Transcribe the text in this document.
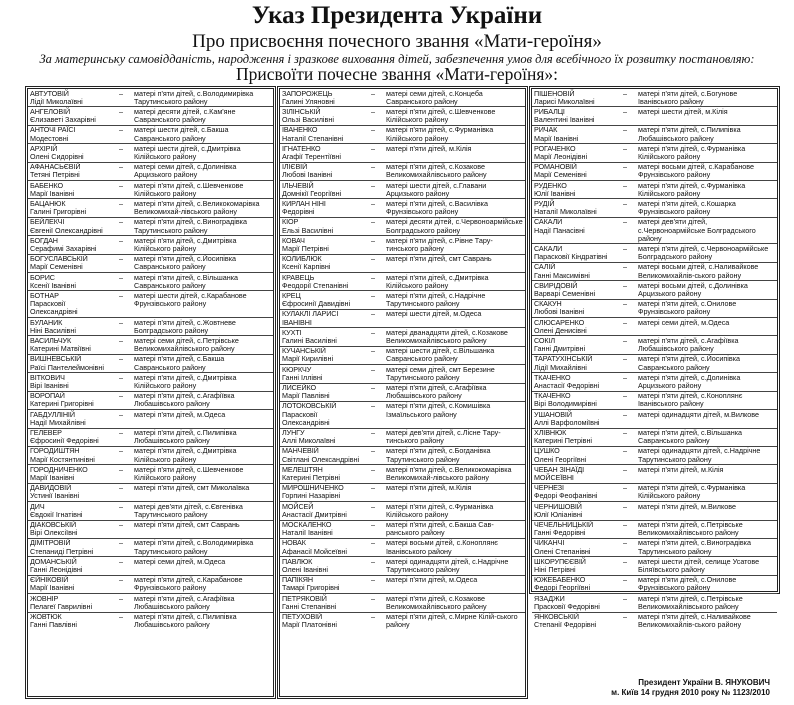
Указ Президента України
Про присвоєння почесного звання «Мати-героїня»
За материнську самовідданість, народження і зразкове виховання дітей, забезпечення умов для всебічного їх розвитку постановляю:
Присвоїти почесне звання «Мати-героїня»:
АВТУТОВІЙ
Лідії Миколаївні
–	матері п'яти дітей, с.Володимирівка Тарутинського району
АНГЕЛОВІЙ
Єлизаветі Захарівні
–	матері десяти дітей, с.Кам'яне Савранського району
АНТОЧІ РАЇСІ
Модестовні
–	матері шести дітей, с.Бакша Савранського району
АРХІРІЙ
Олені Сидорівні
–	матері шести дітей, с.Дмитрівка Кілійського району
АФАНАСЬЄВІЙ
Тетяні Петрівні
–	матері семи дітей, с.Долинівка Арцизького району
БАБЕНКО
Марії Іванівні
–	матері п'яти дітей, с.Шевченкове Кілійського району
БАЦАНЮК
Галині Григорівні
–	матері п'яти дітей, с.Великокомарівка Великомихай-лівського району
БЕЙЛЕКЧІ
Євгенії Олександрівні
–	матері п'яти дітей, с.Виноградівка Тарутинського району
БОГДАН
Серафимі Захарівні
–	матері п'яти дітей, с.Дмитрівка Кілійського району
БОГУСЛАВСЬКІЙ
Марії Семенівні
–	матері п'яти дітей, с.Йосипівка Савранського району
БОРИС
Ксенії Іванівні
–	матері п'яти дітей, с.Вільшанка Савранського району
БОТНАР
Парасковії Олександрівні
–	матері шести дітей, с.Карабанове Фрунзівського району
БУЛАНИК
Ніні Василівні
–	матері п'яти дітей, с.Жовтневе Болградського району
ВАСИЛЬЧУК
Катерині Матвіївні
–	матері семи дітей, с.Петрівське Великомихайлівського району
ВИШНЕВСЬКІЙ
Раїсі Пантелеймонівні
–	матері п'яти дітей, с.Бакша Савранського району
ВІТКОВИЧ
Вірі Іванівні
–	матері п'яти дітей, с.Дмитрівка Кілійського району
ВОРОПАЙ
Катерині Григорівні
–	матері п'яти дітей, с.Агафіївка Любашівського району
ГАБДУЛЛІНІЙ
Надії Михайлівні
–	матері п'яти дітей, м.Одеса
ГЕЛЕВЕР
Єфросинії Федорівні
–	матері п'яти дітей, с.Пилипівка Любашівського району
ГОРОДИШТЯН
Марії Костянтинівні
–	матері п'яти дітей, с.Дмитрівка Кілійського району
ГОРОДНИЧЕНКО
Марії Іванівні
–	матері п'яти дітей, с.Шевченкове Кілійського району
ДАВИДОВІЙ
Устинії Іванівні
–	матері п'яти дітей, смт Миколаївка
ДИЧ
Євдокії Ігнатівні
–	матері дев'яти дітей, с.Євгенівка Тарутинського району
ДІАКОВСЬКІЙ
Вірі Олексіївні
–	матері п'яти дітей, смт Саврань
ДІМІТРОВІЙ
Степаниді Петрівні
–	матері п'яти дітей, с.Володимирівка Тарутинського району
ДОМАНСЬКІЙ
Ганні Леонідівні
–	матері семи дітей, м.Одеса
ЄЙНІКОВІЙ
Марії Іванівні
–	матері п'яти дітей, с.Карабанове Фрунзівського району
ЖОВНІР
Пелагеї Гаврилівні
–	матері п'яти дітей, с.Агафіївка Любашівського району
ЖОВТЮК
Ганні Павлівні
–	матері п'яти дітей, с.Пилипівка Любашівського району
ЗАПОРОЖЕЦЬ
Галині Уляновні
–	матері семи дітей, с.Концеба Савранського району
ЗІЛІНСЬКІЙ
Ользі Василівні
–	матері п'яти дітей, с.Шевченкове Кілійського району
ІВАНЕНКО
Наталії Степанівні
–	матері п'яти дітей, с.Фурманівка Кілійського району
ІГНАТЕНКО
Агафії Терентіївні
–	матері п'яти дітей, м.Кілія
ІЛІЄВІЙ
Любові Іванівні
–	матері п'яти дітей, с.Козакове Великомихайлівського району
ІЛЬЧЕВІЙ
Домнікії Георгіївні
–	матері шести дітей, с.Главани Арцизького району
КИРЛАН НІНІ
Федорівні
–	матері п'яти дітей, с.Василівка Фрунзівського району
КІОР
Ельзі Василівні
–	матері десяти дітей, с.Червоноармійське Болградського району
КОВАЧ
Марії Петрівні
–	матері п'яти дітей, с.Рівне Тару-тинського району
КОЛИБЛЮК
Ксенії Карпівні
–	матері п'яти дітей, смт Саврань
КРАВЕЦЬ
Феодорії Степанівні
–	матері п'яти дітей, с.Дмитрівка Кілійського району
КРЕЦ
Єфросинії Давидівні
–	матері п'яти дітей, с.Надрічне Тарутинського району
КУЛАКЛІ ЛАРИСІ ІВАНІВНІ
–	матері шести дітей, м.Одеса
КУХТІ
Галині Василівні
–	матері дванадцяти дітей, с.Козакове Великомихайлівського району
КУЧАНСЬКІЙ
Марії Кирилівні
–	матері шести дітей, с.Вільшанка Савранського району
КЮРКЧУ
Ганні Іллівні
–	матері семи дітей, смт Березине Тарутинського району
ЛИСЕЙКО
Марії Павлівні
–	матері п'яти дітей, с.Агафіївка Любашівського району
ЛОТОКОВСЬКІЙ
Парасковії Олександрівні
–	матері п'яти дітей, с.Комишівка Ізмаїльського району
ЛУНГУ
Аллі Миколаївні
–	матері дев'яти дітей, с.Лісне Тару-тинського району
МАНЧЕВІЙ
Світлані Олександрівні
–	матері п'яти дітей, с.Богданівка Тарутинського району
МЕЛЕШТЯН
Катерині Петрівні
–	матері п'яти дітей, с.Великокомарівка Великомихай-лівського району
МИРОШНИЧЕНКО
Горпині Назарівні
–	матері п'яти дітей, м.Кілія
МОЙСЕЙ
Анастасії Дмитрівні
–	матері п'яти дітей, с.Фурманівка Кілійського району
МОСКАЛЕНКО
Наталії Іванівні
–	матері п'яти дітей, с.Бакша Сав-ранського району
НОВАК
Афанасії Мойсеївні
–	матері восьми дітей, с.Коноплянє Іванівського району
ПАВЛЮК
Олені Іванівні
–	матері одинадцяти дітей, с.Надрічне Тарутинського району
ПАПІКЯН
Тамарі Григорівні
–	матері п'яти дітей, м.Одеса
ПЕТРЯКОВІЙ
Ганні Степанівні
–	матері п'яти дітей, с.Козакове Великомихайлівського району
ПЕТУХОВІЙ
Марії Платонівні
–	матері п'яти дітей, с.Мирне Кілій-ського району
ПІШЕНОВІЙ
Ларисі Миколаївні
–	матері п'яти дітей, с.Богунове Іванівського району
РИБАЛЦІ
Валентині Іванівні
–	матері шести дітей, м.Кілія
РИЧАК
Марії Іванівні
–	матері п'яти дітей, с.Пилипівка Любашівського району
РОГАЧЕНКО
Марії Леонідівні
–	матері п'яти дітей, с.Фурманівка Кілійського району
РОМАНОВІЙ
Марії Семенівні
–	матері восьми дітей, с.Карабанове Фрунзівського району
РУДЕНКО
Юлії Іванівні
–	матері п'яти дітей, с.Фурманівка Кілійського району
РУДІЙ
Наталії Миколаївні
–	матері п'яти дітей, с.Кошарка Фрунзівського району
САКАЛИ
Надії Панасівні
–	матері дев'яти дітей, с.Червоноармійське Болградського району
САКАЛИ
Парасковії Кіндратівні
–	матері п'яти дітей, с.Червоноармійське Болградського району
САЛІЙ
Ганні Максимівні
–	матері восьми дітей, с.Наливайкове Великомихайлів-ського району
СВИРІДОВІЙ
Варварі Семенівні
–	матері восьми дітей, с.Долинівка Арцизького району
СКАКУН
Любові Іванівні
–	матері п'яти дітей, с.Онилове Фрунзівського району
СЛЮСАРЕНКО
Олені Денисівні
–	матері семи дітей, м.Одеса
СОКІЛ
Ганні Дмитрівні
–	матері п'яти дітей, с.Агафіївка Любашівського району
ТАРАТУХІНСЬКІЙ
Лідії Михайлівні
–	матері п'яти дітей, с.Йосипівка Савранського району
ТКАЧЕНКО
Анастасії Федорівні
–	матері п'яти дітей, с.Долинівка Арцизького району
ТКАЧЕНКО
Вірі Володимирівні
–	матері п'яти дітей, с.Коноплянє Іванівського району
УШАНОВІЙ
Аллі Варфоломіївні
–	матері одинадцяти дітей, м.Вилкове
ХЛІВНЮК
Катерині Петрівні
–	матері п'яти дітей, с.Вільшанка Савранського району
ЦУШКО
Олені Георгіївні
–	матері одинадцяти дітей, с.Надрічне Тарутинського району
ЧЕБАН ЗІНАЇДІ МОЙСЕЇВНІ
–	матері п'яти дітей, м.Кілія
ЧЕРНЕЗІ
Федорі Феофанівні
–	матері п'яти дітей, с.Фурманівка Кілійського району
ЧЕРНИШОВІЙ
Юлії Юліанівні
–	матері п'яти дітей, м.Вилкове
ЧЕЧЕЛЬНИЦЬКІЙ
Ганні Федорівні
–	матері п'яти дітей, с.Петрівське Великомихайлівського району
ЧИКАНЧІ
Олені Степанівні
–	матері п'яти дітей, с.Виноградівка Тарутинського району
ШКОРУПЄЄВІЙ
Ніні Петрівні
–	матері шести дітей, селище Усатове Біляївського району
ЮЖЕБАБЕНКО
Федорі Георгіївні
–	матері п'яти дітей, с.Онилове Фрунзівського району
ЯЗАДЖИ
Прасковії Федорівні
–	матері п'яти дітей, с.Петрівське Великомихайлівського району
ЯНКОВСЬКІЙ
Степанії Федорівні
–	матері п'яти дітей, с.Наливайкове Великомихайлів-ського району
Президент України В. ЯНУКОВИЧ
м. Київ 14 грудня 2010 року № 1123/2010
